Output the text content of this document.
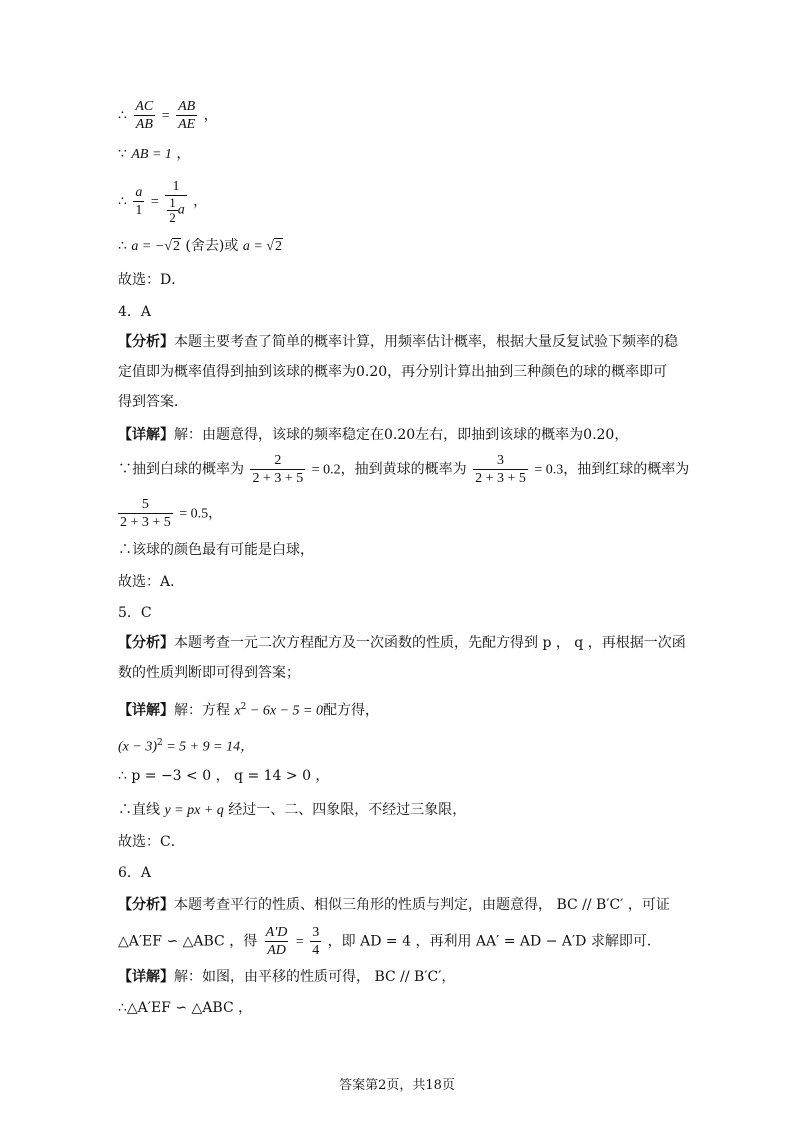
∴ $\frac{AC}{AB} = \frac{AB}{AE}$ ，
∵ AB = 1 ，
∴ $\frac{a}{1} = \frac{1}{\frac{1}{2} a}$ ，
∴ a = −√2 (舍去)或 a = √2
故选：D．
4．A
【分析】本题主要考查了简单的概率计算，用频率估计概率，根据大量反复试验下频率的稳
定值即为概率值得到抽到该球的概率为0.20，再分别计算出抽到三种颜色的球的概率即可
得到答案．
【详解】解：由题意得，该球的频率稳定在0.20左右，即抽到该球的概率为0.20，
∵抽到白球的概率为 $\frac{2}{2 + 3 + 5} = 0.2$，抽到黄球的概率为 $\frac{3}{2 + 3 + 5} = 0.3$，抽到红球的概率为
$\frac{5}{2 + 3 + 5} = 0.5$，
∴该球的颜色最有可能是白球，
故选：A．
5．C
【分析】本题考查一元二次方程配方及一次函数的性质，先配方得到 p ， q ，再根据一次函
数的性质判断即可得到答案；
【详解】解：方程 $x^2 - 6x - 5 = 0$配方得，
$(x - 3)^2 = 5 + 9 = 14$，
∴ p = −3 < 0 ， q = 14 > 0 ，
∴直线 y = px + q 经过一、二、四象限，不经过三象限，
故选：C．
6．A
【分析】本题考查平行的性质、相似三角形的性质与判定，由题意得， BC // B′C′ ，可证
△A′EF ∽ △ABC ，得 $\frac{A'D}{AD} = \frac{3}{4}$ ，即 AD = 4 ，再利用 AA′ = AD − A′D 求解即可．
【详解】解：如图，由平移的性质可得， BC // B′C′，
∴△A′EF ∽ △ABC ，
答案第2页，共18页
